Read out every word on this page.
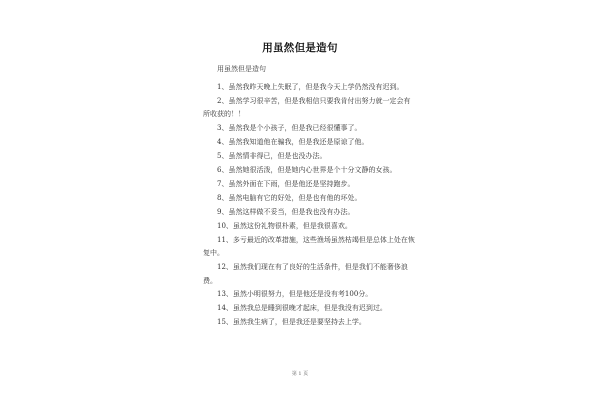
用虽然但是造句
用虽然但是造句
1、虽然我昨天晚上失眠了，但是我今天上学仍然没有迟到。
2、虽然学习很辛苦，但是我相信只要我肯付出努力就一定会有所收获的！！
3、虽然我是个小孩子，但是我已经很懂事了。
4、虽然我知道他在骗我，但是我还是原谅了他。
5、虽然情非得已，但是也没办法。
6、虽然她很活泼，但是她内心世界是个十分文静的女孩。
7、虽然外面在下雨，但是他还是坚持跑步。
8、虽然电脑有它的好处，但是也有他的坏处。
9、虽然这样做不妥当，但是我也没有办法。
10、虽然这份礼物很朴素，但是我很喜欢。
11、多亏最近的改革措施，这些渔场虽然枯竭但是总体上处在恢复中。
12、虽然我们现在有了良好的生活条件，但是我们不能奢侈浪费。
13、虽然小明很努力，但是他还是没有考100分。
14、虽然我总是睡到很晚才起床，但是我没有迟到过。
15、虽然我生病了，但是我还是要坚持去上学。
第 1 页
